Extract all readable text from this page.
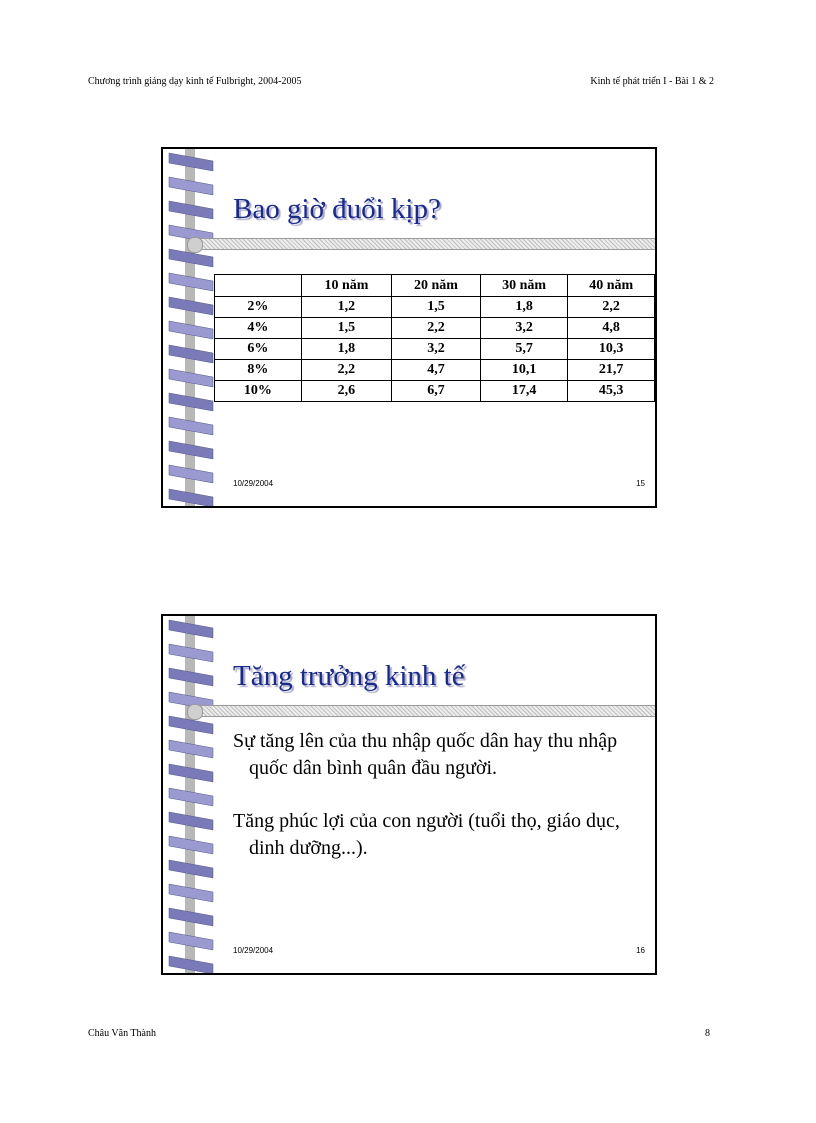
Chương trình giảng dạy kinh tế Fulbright, 2004-2005	Kinh tế phát triển I - Bài 1 & 2
Bao giờ đuổi kịp?
	10 năm	20 năm	30 năm	40 năm
2%	1,2	1,5	1,8	2,2
4%	1,5	2,2	3,2	4,8
6%	1,8	3,2	5,7	10,3
8%	2,2	4,7	10,1	21,7
10%	2,6	6,7	17,4	45,3
10/29/2004	15
Tăng trưởng kinh tế
Sự tăng lên của thu nhập quốc dân hay thu nhập quốc dân bình quân đầu người.
Tăng phúc lợi của con người (tuổi thọ, giáo dục, dinh dưỡng...).
10/29/2004	16
Châu Văn Thành	8
